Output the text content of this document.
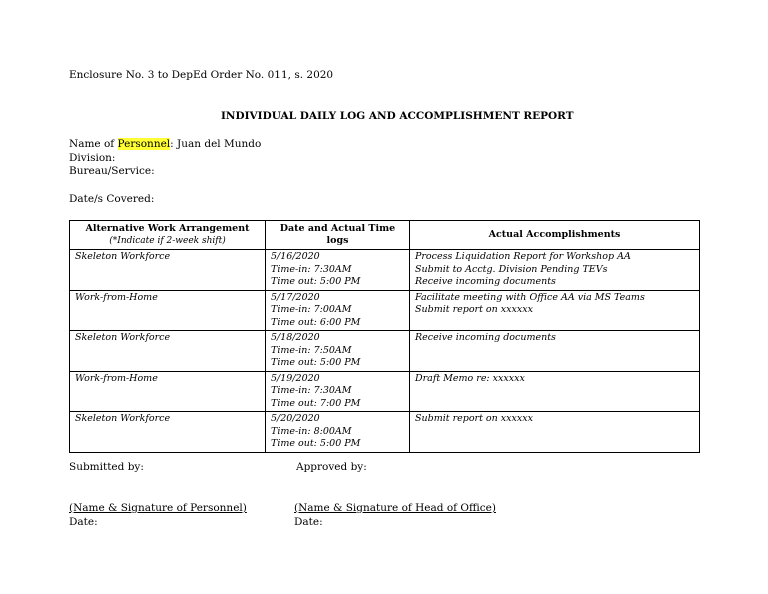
Enclosure No. 3 to DepEd Order No. 011, s. 2020
INDIVIDUAL DAILY LOG AND ACCOMPLISHMENT REPORT
Name of Personnel: Juan del Mundo
Division:
Bureau/Service:
Date/s Covered:
Alternative Work Arrangement
(*Indicate if 2-week shift)	Date and Actual Time logs	Actual Accomplishments
Skeleton Workforce	5/16/2020
Time-in: 7:30AM
Time out: 5:00 PM	Process Liquidation Report for Workshop AA
Submit to Acctg. Division Pending TEVs
Receive incoming documents

Work-from-Home	5/17/2020
Time-in: 7:00AM
Time out: 6:00 PM	Facilitate meeting with Office AA via MS Teams
Submit report on xxxxxx

Skeleton Workforce	5/18/2020
Time-in: 7:50AM
Time out: 5:00 PM	Receive incoming documents

Work-from-Home	5/19/2020
Time-in: 7:30AM
Time out: 7:00 PM	Draft Memo re: xxxxxx

Skeleton Workforce	5/20/2020
Time-in: 8:00AM
Time out: 5:00 PM	Submit report on xxxxxx
Submitted by:	Approved by:
(Name & Signature of Personnel)	(Name & Signature of Head of Office)
Date:	Date:
